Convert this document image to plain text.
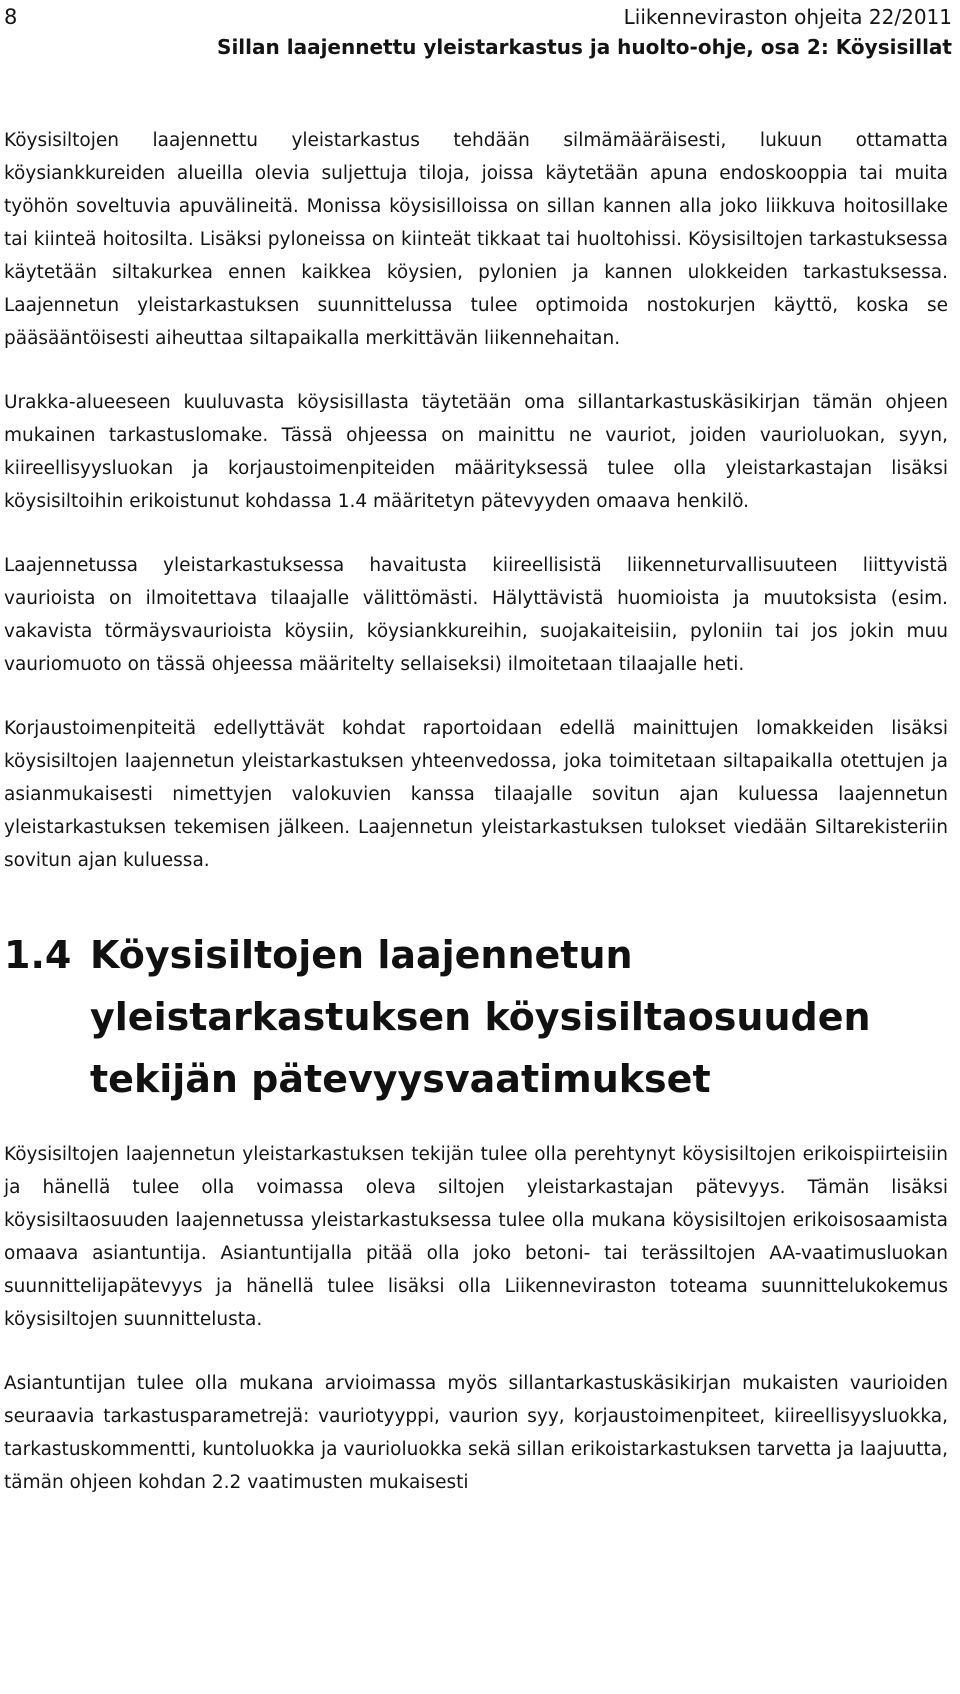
8	Liikenneviraston ohjeita 22/2011
Sillan laajennettu yleistarkastus ja huolto-ohje, osa 2: Köysisillat

Köysisiltojen laajennettu yleistarkastus tehdään silmämääräisesti, lukuun ottamatta köysiankkureiden alueilla olevia suljettuja tiloja, joissa käytetään apuna endoskooppia tai muita työhön soveltuvia apuvälineitä. Monissa köysisilloissa on sillan kannen alla joko liikkuva hoitosillake tai kiinteä hoitosilta. Lisäksi pyloneissa on kiinteät tikkaat tai huoltohissi. Köysisiltojen tarkastuksessa käytetään siltakurkea ennen kaikkea köysien, pylonien ja kannen ulokkeiden tarkastuksessa. Laajennetun yleistarkastuksen suunnittelussa tulee optimoida nostokurjen käyttö, koska se pääsääntöisesti aiheuttaa siltapaikalla merkittävän liikennehaitan.

Urakka-alueeseen kuuluvasta köysisillasta täytetään oma sillantarkastuskäsikirjan tämän ohjeen mukainen tarkastuslomake. Tässä ohjeessa on mainittu ne vauriot, joiden vaurioluokan, syyn, kiireellisyysluokan ja korjaustoimenpiteiden määrityksessä tulee olla yleistarkastajan lisäksi köysisiltoihin erikoistunut kohdassa 1.4 määritetyn pätevyyden omaava henkilö.

Laajennetussa yleistarkastuksessa havaitusta kiireellisistä liikenneturvallisuuteen liittyvistä vaurioista on ilmoitettava tilaajalle välittömästi. Hälyttävistä huomioista ja muutoksista (esim. vakavista törmäysvaurioista köysiin, köysiankkureihin, suojakaiteisiin, pyloniin tai jos jokin muu vauriomuoto on tässä ohjeessa määritelty sellaiseksi) ilmoitetaan tilaajalle heti.

Korjaustoimenpiteitä edellyttävät kohdat raportoidaan edellä mainittujen lomakkeiden lisäksi köysisiltojen laajennetun yleistarkastuksen yhteenvedossa, joka toimitetaan siltapaikalla otettujen ja asianmukaisesti nimettyjen valokuvien kanssa tilaajalle sovitun ajan kuluessa laajennetun yleistarkastuksen tekemisen jälkeen. Laajennetun yleistarkastuksen tulokset viedään Siltarekisteriin sovitun ajan kuluessa.

1.4 Köysisiltojen laajennetun yleistarkastuksen köysisiltaosuuden tekijän pätevyysvaatimukset

Köysisiltojen laajennetun yleistarkastuksen tekijän tulee olla perehtynyt köysisiltojen erikoispiirteisiin ja hänellä tulee olla voimassa oleva siltojen yleistarkastajan pätevyys. Tämän lisäksi köysisiltaosuuden laajennetussa yleistarkastuksessa tulee olla mukana köysisiltojen erikoisosaamista omaava asiantuntija. Asiantuntijalla pitää olla joko betoni- tai terässiltojen AA-vaatimusluokan suunnittelijapätevyys ja hänellä tulee lisäksi olla Liikenneviraston toteama suunnittelukokemus köysisiltojen suunnittelusta.

Asiantuntijan tulee olla mukana arvioimassa myös sillantarkastuskäsikirjan mukaisten vaurioiden seuraavia tarkastusparametrejä: vauriotyyppi, vaurion syy, korjaustoimenpiteet, kiireellisyysluokka, tarkastuskommentti, kuntoluokka ja vaurioluokka sekä sillan erikoistarkastuksen tarvetta ja laajuutta, tämän ohjeen kohdan 2.2 vaatimusten mukaisesti
